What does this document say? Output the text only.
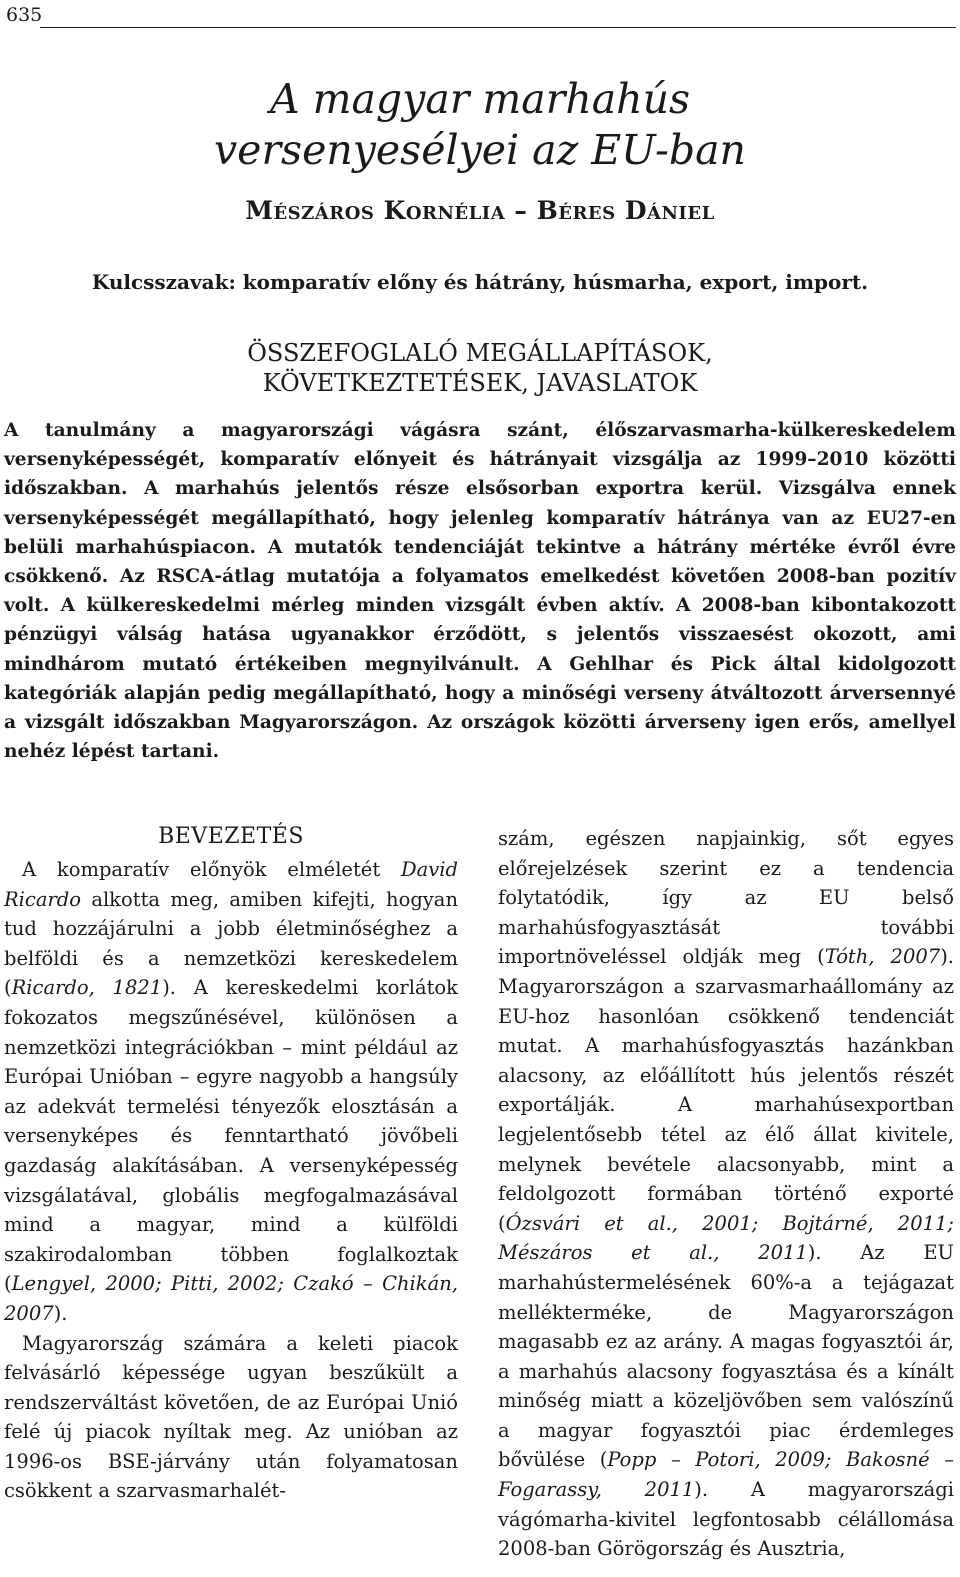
635
A magyar marhahús
versenyesélyei az EU-ban
Mészáros Kornélia – Béres Dániel
Kulcsszavak: komparatív előny és hátrány, húsmarha, export, import.
ÖSSZEFOGLALÓ MEGÁLLAPÍTÁSOK,
KÖVETKEZTETÉSEK, JAVASLATOK

A tanulmány a magyarországi vágásra szánt, élőszarvasmarha-külkereskedelem versenyképességét, komparatív előnyeit és hátrányait vizsgálja az 1999–2010 közötti időszakban. A marhahús jelentős része elsősorban exportra kerül. Vizsgálva ennek versenyképességét megállapítható, hogy jelenleg komparatív hátránya van az EU27-en belüli marhahúspiacon. A mutatók tendenciáját tekintve a hátrány mértéke évről évre csökkenő. Az RSCA-átlag mutatója a folyamatos emelkedést követően 2008-ban pozitív volt. A külkereskedelmi mérleg minden vizsgált évben aktív. A 2008-ban kibontakozott pénzügyi válság hatása ugyanakkor érződött, s jelentős visszaesést okozott, ami mindhárom mutató értékeiben megnyilvánult. A Gehlhar és Pick által kidolgozott kategóriák alapján pedig megállapítható, hogy a minőségi verseny átváltozott árversennyé a vizsgált időszakban Magyarországon. Az országok közötti árverseny igen erős, amellyel nehéz lépést tartani.

BEVEZETÉS

A komparatív előnyök elméletét David Ricardo alkotta meg, amiben kifejti, hogyan tud hozzájárulni a jobb életminőséghez a belföldi és a nemzetközi kereskedelem (Ricardo, 1821). A kereskedelmi korlátok fokozatos megszűnésével, különösen a nemzetközi integrációkban – mint például az Európai Unióban – egyre nagyobb a hangsúly az adekvát termelési tényezők elosztásán a versenyképes és fenntartható jövőbeli gazdaság alakításában. A versenyképesség vizsgálatával, globális megfogalmazásával mind a magyar, mind a külföldi szakirodalomban többen foglalkoztak (Lengyel, 2000; Pitti, 2002; Czakó – Chikán, 2007).

Magyarország számára a keleti piacok felvásárló képessége ugyan beszűkült a rendszerváltást követően, de az Európai Unió felé új piacok nyíltak meg. Az unióban az 1996-os BSE-járvány után folyamatosan csökkent a szarvasmarhalét-

szám, egészen napjainkig, sőt egyes előrejelzések szerint ez a tendencia folytatódik, így az EU belső marhahúsfogyasztását további importnöveléssel oldják meg (Tóth, 2007). Magyarországon a szarvasmarhaállomány az EU-hoz hasonlóan csökkenő tendenciát mutat. A marhahúsfogyasztás hazánkban alacsony, az előállított hús jelentős részét exportálják. A marhahúsexportban legjelentősebb tétel az élő állat kivitele, melynek bevétele alacsonyabb, mint a feldolgozott formában történő exporté (Ózsvári et al., 2001; Bojtárné, 2011; Mészáros et al., 2011). Az EU marhahústermelésének 60%-a a tejágazat mellékterméke, de Magyarországon magasabb ez az arány. A magas fogyasztói ár, a marhahús alacsony fogyasztása és a kínált minőség miatt a közeljövőben sem valószínű a magyar fogyasztói piac érdemleges bővülése (Popp – Potori, 2009; Bakosné – Fogarassy, 2011). A magyarországi vágómarha-kivitel legfontosabb célállomása 2008-ban Görögország és Ausztria,
